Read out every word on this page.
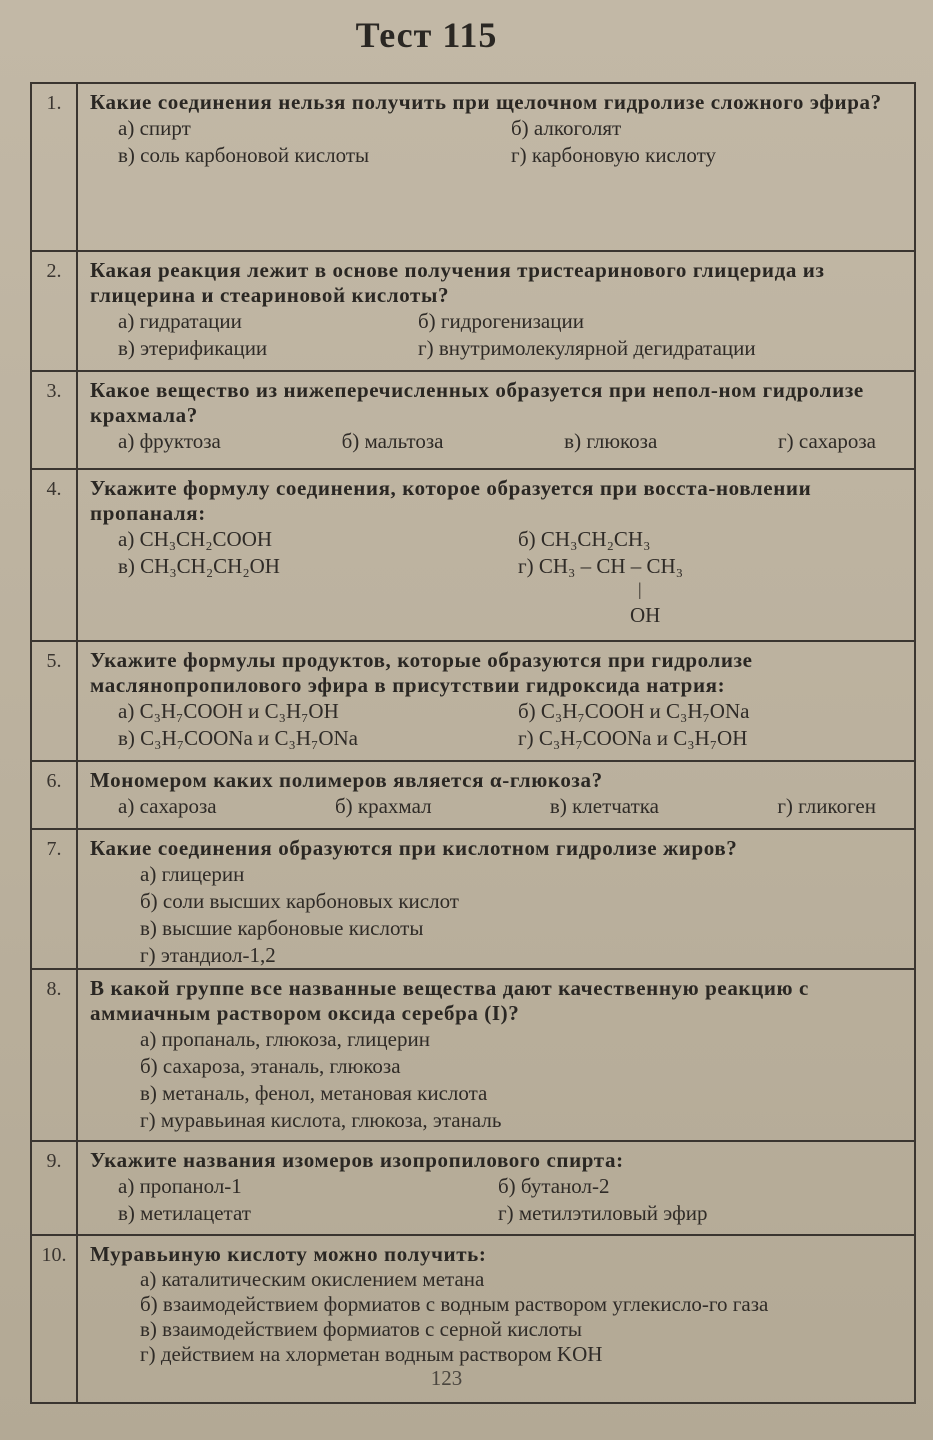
Тест 115
1.	Какие соединения нельзя получить при щелочном гидролизе сложного эфира?
а) спирт	б) алкоголят
в) соль карбоновой кислоты	г) карбоновую кислоту
2.	Какая реакция лежит в основе получения тристеаринового глицерида из глицерина и стеариновой кислоты?
а) гидратации	б) гидрогенизации
в) этерификации	г) внутримолекулярной дегидратации
3.	Какое вещество из нижеперечисленных образуется при непол-ном гидролизе крахмала?
а) фруктоза	б) мальтоза	в) глюкоза	г) сахароза
4.	Укажите формулу соединения, которое образуется при восста-новлении пропаналя:
а) CH₃CH₂COOH	б) CH₃CH₂CH₃
в) CH₃CH₂CH₂OH	г) CH₃ – CH – CH₃
|
OH
5.	Укажите формулы продуктов, которые образуются при гидролизе маслянопропилового эфира в присутствии гидроксида натрия:
а) C₃H₇COOH и C₃H₇OH	б) C₃H₇COOH и C₃H₇ONa
в) C₃H₇COONa и C₃H₇ONa	г) C₃H₇COONa и C₃H₇OH
6.	Мономером каких полимеров является α-глюкоза?
а) сахароза	б) крахмал	в) клетчатка	г) гликоген
7.	Какие соединения образуются при кислотном гидролизе жиров?
а) глицерин
б) соли высших карбоновых кислот
в) высшие карбоновые кислоты
г) этандиол-1,2
8.	В какой группе все названные вещества дают качественную реакцию с аммиачным раствором оксида серебра (I)?
а) пропаналь, глюкоза, глицерин
б) сахароза, этаналь, глюкоза
в) метаналь, фенол, метановая кислота
г) муравьиная кислота, глюкоза, этаналь
9.	Укажите названия изомеров изопропилового спирта:
а) пропанол-1	б) бутанол-2
в) метилацетат	г) метилэтиловый эфир
10.	Муравьиную кислоту можно получить:
а) каталитическим окислением метана
б) взаимодействием формиатов с водным раствором углекисло-го газа
в) взаимодействием формиатов с серной кислоты
г) действием на хлорметан водным раствором KOH
123
